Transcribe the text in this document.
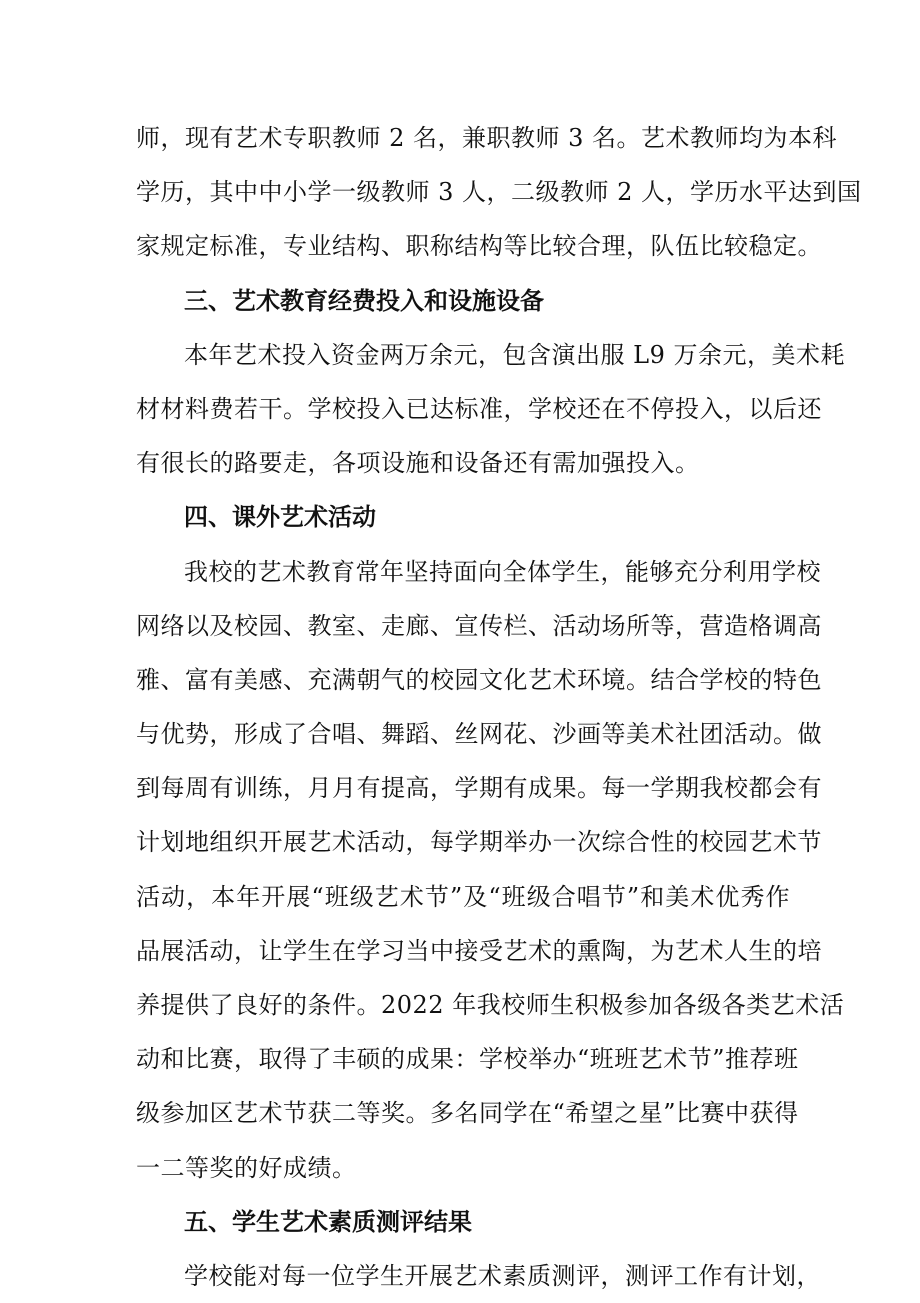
师，现有艺术专职教师 2 名，兼职教师 3 名。艺术教师均为本科
学历，其中中小学一级教师 3 人，二级教师 2 人，学历水平达到国
家规定标准，专业结构、职称结构等比较合理，队伍比较稳定。
三、艺术教育经费投入和设施设备
本年艺术投入资金两万余元，包含演出服 L9 万余元，美术耗
材材料费若干。学校投入已达标准，学校还在不停投入，以后还
有很长的路要走，各项设施和设备还有需加强投入。
四、课外艺术活动
我校的艺术教育常年坚持面向全体学生，能够充分利用学校
网络以及校园、教室、走廊、宣传栏、活动场所等，营造格调高
雅、富有美感、充满朝气的校园文化艺术环境。结合学校的特色
与优势，形成了合唱、舞蹈、丝网花、沙画等美术社团活动。做
到每周有训练，月月有提高，学期有成果。每一学期我校都会有
计划地组织开展艺术活动，每学期举办一次综合性的校园艺术节
活动，本年开展“班级艺术节”及“班级合唱节”和美术优秀作
品展活动，让学生在学习当中接受艺术的熏陶，为艺术人生的培
养提供了良好的条件。2022 年我校师生积极参加各级各类艺术活
动和比赛，取得了丰硕的成果：学校举办“班班艺术节”推荐班
级参加区艺术节获二等奖。多名同学在“希望之星”比赛中获得
一二等奖的好成绩。
五、学生艺术素质测评结果
学校能对每一位学生开展艺术素质测评，测评工作有计划，
